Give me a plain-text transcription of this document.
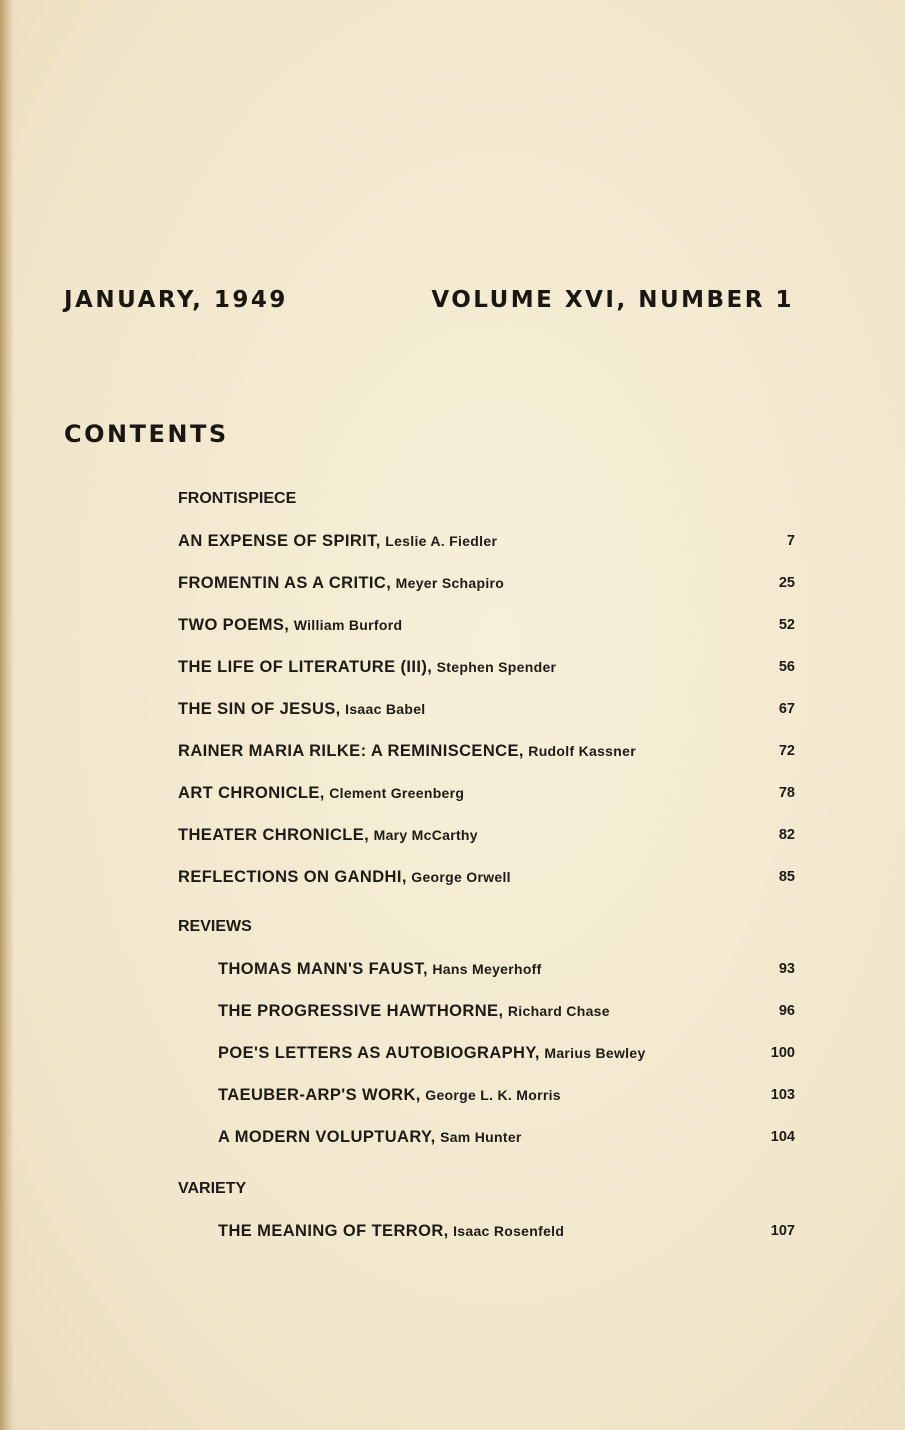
JANUARY, 1949	VOLUME XVI, NUMBER 1
CONTENTS
FRONTISPIECE
AN EXPENSE OF SPIRIT, Leslie A. Fiedler	7
FROMENTIN AS A CRITIC, Meyer Schapiro	25
TWO POEMS, William Burford	52
THE LIFE OF LITERATURE (III), Stephen Spender	56
THE SIN OF JESUS, Isaac Babel	67
RAINER MARIA RILKE: A REMINISCENCE, Rudolf Kassner	72
ART CHRONICLE, Clement Greenberg	78
THEATER CHRONICLE, Mary McCarthy	82
REFLECTIONS ON GANDHI, George Orwell	85
REVIEWS
THOMAS MANN'S FAUST, Hans Meyerhoff	93
THE PROGRESSIVE HAWTHORNE, Richard Chase	96
POE'S LETTERS AS AUTOBIOGRAPHY, Marius Bewley	100
TAEUBER-ARP'S WORK, George L. K. Morris	103
A MODERN VOLUPTUARY, Sam Hunter	104
VARIETY
THE MEANING OF TERROR, Isaac Rosenfeld	107
